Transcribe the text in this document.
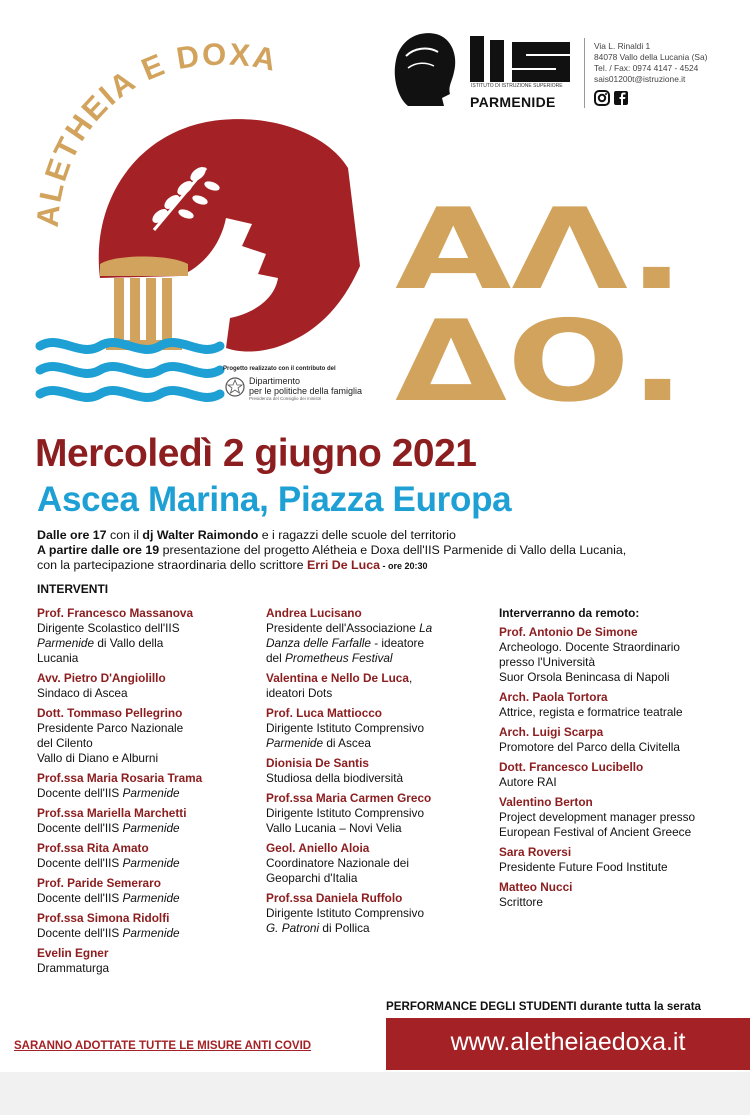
ALETHEIA E DOXA
ΑΛ.
ΔΟ.
ISTITUTO DI ISTRUZIONE SUPERIORE
PARMENIDE
Via L. Rinaldi 1
84078 Vallo della Lucania (Sa)
Tel. / Fax: 0974 4147 - 4524
sais01200t@istruzione.it
Progetto realizzato con il contributo del
Dipartimento
per le politiche della famiglia
Presidenza del Consiglio dei ministri
Mercoledì 2 giugno 2021
Ascea Marina, Piazza Europa
Dalle ore 17 con il dj Walter Raimondo e i ragazzi delle scuole del territorio
A partire dalle ore 19 presentazione del progetto Alétheia e Doxa dell'IIS Parmenide di Vallo della Lucania,
con la partecipazione straordinaria dello scrittore Erri De Luca - ore 20:30
INTERVENTI
Prof. Francesco Massanova
Dirigente Scolastico dell'IIS
Parmenide di Vallo della
Lucania
Avv. Pietro D'Angiolillo
Sindaco di Ascea
Dott. Tommaso Pellegrino
Presidente Parco Nazionale
del Cilento
Vallo di Diano e Alburni
Prof.ssa Maria Rosaria Trama
Docente dell'IIS Parmenide
Prof.ssa Mariella Marchetti
Docente dell'IIS Parmenide
Prof.ssa Rita Amato
Docente dell'IIS Parmenide
Prof. Paride Semeraro
Docente dell'IIS Parmenide
Prof.ssa Simona Ridolfi
Docente dell'IIS Parmenide
Evelin Egner
Drammaturga
Andrea Lucisano
Presidente dell'Associazione La
Danza delle Farfalle - ideatore
del Prometheus Festival
Valentina e Nello De Luca,
ideatori Dots
Prof. Luca Mattiocco
Dirigente Istituto Comprensivo
Parmenide di Ascea
Dionisia De Santis
Studiosa della biodiversità
Prof.ssa Maria Carmen Greco
Dirigente Istituto Comprensivo
Vallo Lucania – Novi Velia
Geol. Aniello Aloia
Coordinatore Nazionale dei
Geoparchi d'Italia
Prof.ssa Daniela Ruffolo
Dirigente Istituto Comprensivo
G. Patroni di Pollica
Interverranno da remoto:
Prof. Antonio De Simone
Archeologo. Docente Straordinario
presso l'Università
Suor Orsola Benincasa di Napoli
Arch. Paola Tortora
Attrice, regista e formatrice teatrale
Arch. Luigi Scarpa
Promotore del Parco della Civitella
Dott. Francesco Lucibello
Autore RAI
Valentino Berton
Project development manager presso
European Festival of Ancient Greece
Sara Roversi
Presidente Future Food Institute
Matteo Nucci
Scrittore
PERFORMANCE DEGLI STUDENTI durante tutta la serata
www.aletheiaedoxa.it
SARANNO ADOTTATE TUTTE LE MISURE ANTI COVID
